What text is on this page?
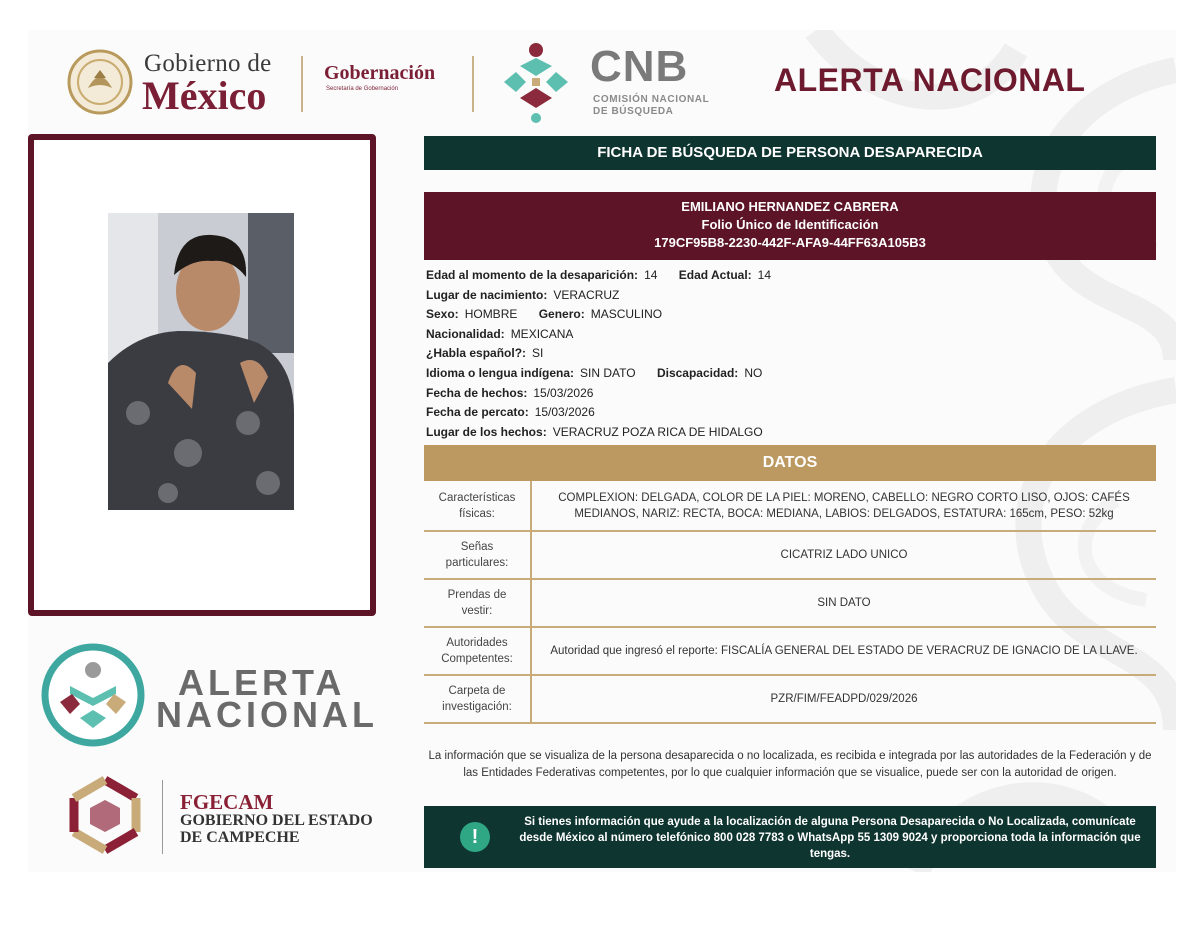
Gobierno de
México	Gobernación
Secretaría de Gobernación	CNB
COMISIÓN NACIONAL
DE BÚSQUEDA
ALERTA NACIONAL
ALERTA
NACIONAL
FGECAM
GOBIERNO DEL ESTADO
DE CAMPECHE
FICHA DE BÚSQUEDA DE PERSONA DESAPARECIDA
EMILIANO HERNANDEZ CABRERA
Folio Único de Identificación
179CF95B8-2230-442F-AFA9-44FF63A105B3
Edad al momento de la desaparición: 14 Edad Actual: 14
Lugar de nacimiento: VERACRUZ
Sexo: HOMBRE Genero: MASCULINO
Nacionalidad: MEXICANA
¿Habla español?: SI
Idioma o lengua indígena: SIN DATO Discapacidad: NO
Fecha de hechos: 15/03/2026
Fecha de percato: 15/03/2026
Lugar de los hechos: VERACRUZ POZA RICA DE HIDALGO
DATOS
Características
físicas:	COMPLEXION: DELGADA, COLOR DE LA PIEL: MORENO, CABELLO: NEGRO CORTO LISO, OJOS: CAFÉS MEDIANOS, NARIZ: RECTA, BOCA: MEDIANA, LABIOS: DELGADOS, ESTATURA: 165cm, PESO: 52kg

Señas
particulares:	CICATRIZ LADO UNICO

Prendas de
vestir:	SIN DATO

Autoridades
Competentes:	Autoridad que ingresó el reporte: FISCALÍA GENERAL DEL ESTADO DE VERACRUZ DE IGNACIO DE LA LLAVE.

Carpeta de
investigación:	PZR/FIM/FEADPD/029/2026
La información que se visualiza de la persona desaparecida o no localizada, es recibida e integrada por las autoridades de la Federación y de las Entidades Federativas competentes, por lo que cualquier información que se visualice, puede ser con la autoridad de origen.
!
Si tienes información que ayude a la localización de alguna Persona Desaparecida o No Localizada, comunícate desde México al número telefónico 800 028 7783 o WhatsApp 55 1309 9024 y proporciona toda la información que tengas.
